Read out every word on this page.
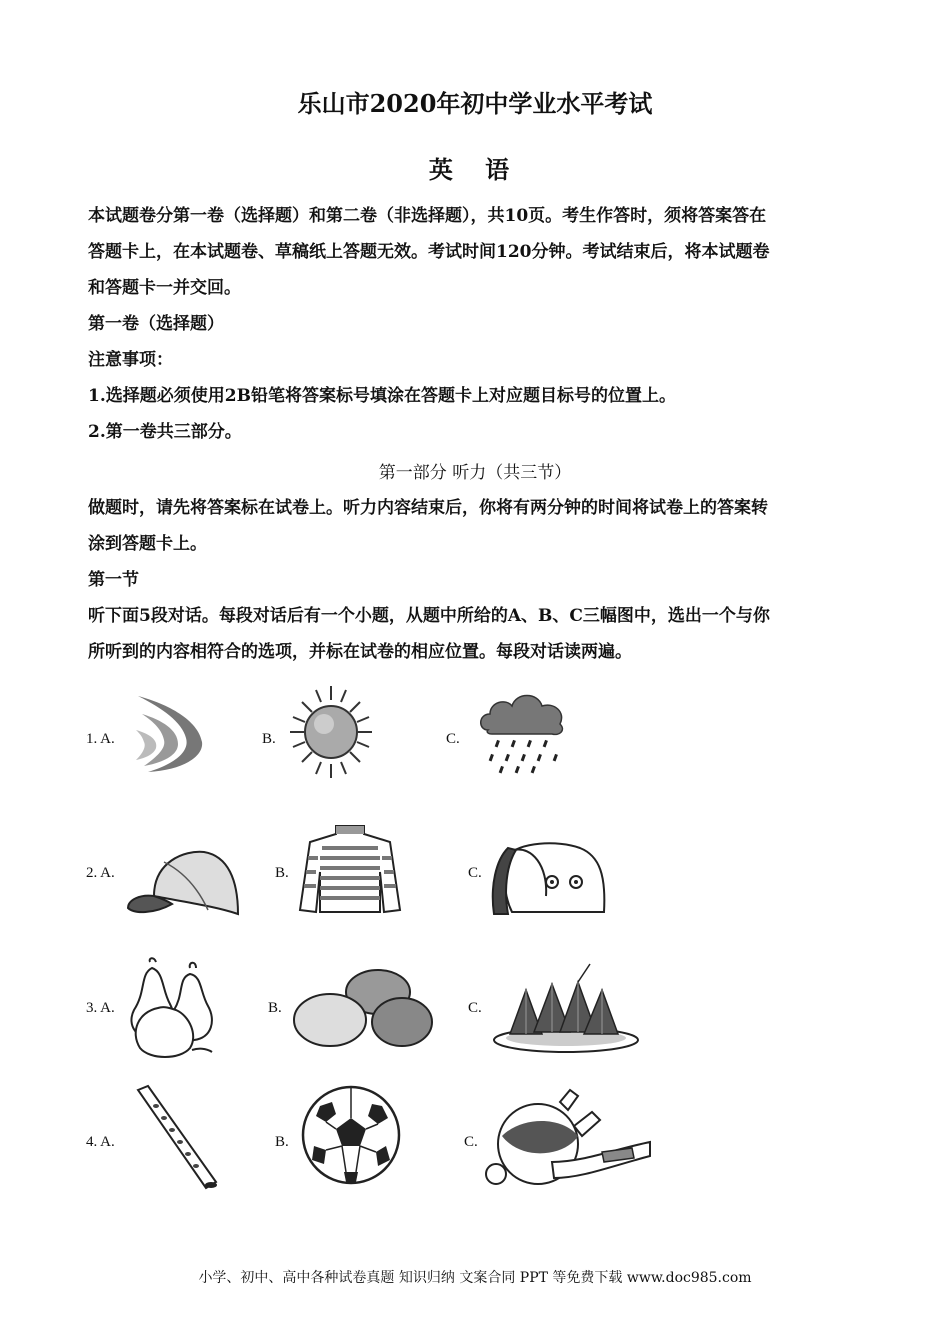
乐山市2020年初中学业水平考试
英 语
本试题卷分第一卷（选择题）和第二卷（非选择题），共10页。考生作答时，须将答案答在
答题卡上，在本试题卷、草稿纸上答题无效。考试时间120分钟。考试结束后，将本试题卷
和答题卡一并交回。
第一卷（选择题）
注意事项：
1.选择题必须使用2B铅笔将答案标号填涂在答题卡上对应题目标号的位置上。
2.第一卷共三部分。
第一部分 听力（共三节）
做题时，请先将答案标在试卷上。听力内容结束后，你将有两分钟的时间将试卷上的答案转
涂到答题卡上。
第一节
听下面5段对话。每段对话后有一个小题，从题中所给的A、B、C三幅图中，选出一个与你
所听到的内容相符合的选项，并标在试卷的相应位置。每段对话读两遍。
1. A.	B.	C.
2. A.	B.	C.
3. A.	B.	C.
4. A.	B.	C.
小学、初中、高中各种试卷真题 知识归纳 文案合同 PPT 等免费下载 www.doc985.com
